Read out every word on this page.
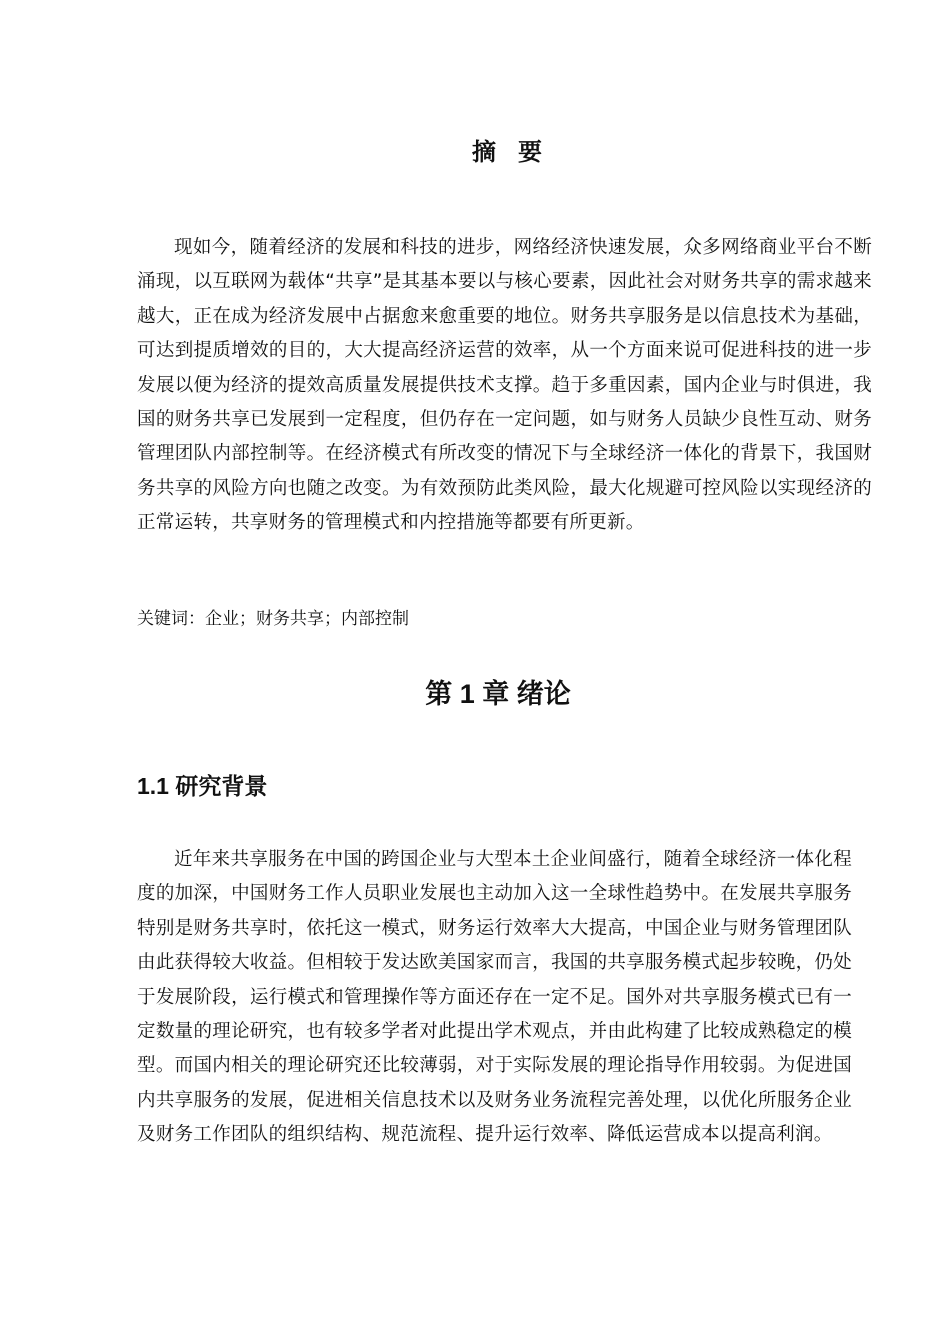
摘要

现如今，随着经济的发展和科技的进步，网络经济快速发展，众多网络商业平台不断涌现，以互联网为载体“共享”是其基本要以与核心要素，因此社会对财务共享的需求越来越大，正在成为经济发展中占据愈来愈重要的地位。财务共享服务是以信息技术为基础，可达到提质增效的目的，大大提高经济运营的效率，从一个方面来说可促进科技的进一步发展以便为经济的提效高质量发展提供技术支撑。趋于多重因素，国内企业与时俱进，我国的财务共享已发展到一定程度，但仍存在一定问题，如与财务人员缺少良性互动、财务管理团队内部控制等。在经济模式有所改变的情况下与全球经济一体化的背景下，我国财务共享的风险方向也随之改变。为有效预防此类风险，最大化规避可控风险以实现经济的正常运转，共享财务的管理模式和内控措施等都要有所更新。

关键词：企业；财务共享；内部控制
第 1 章 绪论
1.1 研究背景

近年来共享服务在中国的跨国企业与大型本土企业间盛行，随着全球经济一体化程度的加深，中国财务工作人员职业发展也主动加入这一全球性趋势中。在发展共享服务特别是财务共享时，依托这一模式，财务运行效率大大提高，中国企业与财务管理团队由此获得较大收益。但相较于发达欧美国家而言，我国的共享服务模式起步较晚，仍处于发展阶段，运行模式和管理操作等方面还存在一定不足。国外对共享服务模式已有一定数量的理论研究，也有较多学者对此提出学术观点，并由此构建了比较成熟稳定的模型。而国内相关的理论研究还比较薄弱，对于实际发展的理论指导作用较弱。为促进国内共享服务的发展，促进相关信息技术以及财务业务流程完善处理，以优化所服务企业及财务工作团队的组织结构、规范流程、提升运行效率、降低运营成本以提高利润。
